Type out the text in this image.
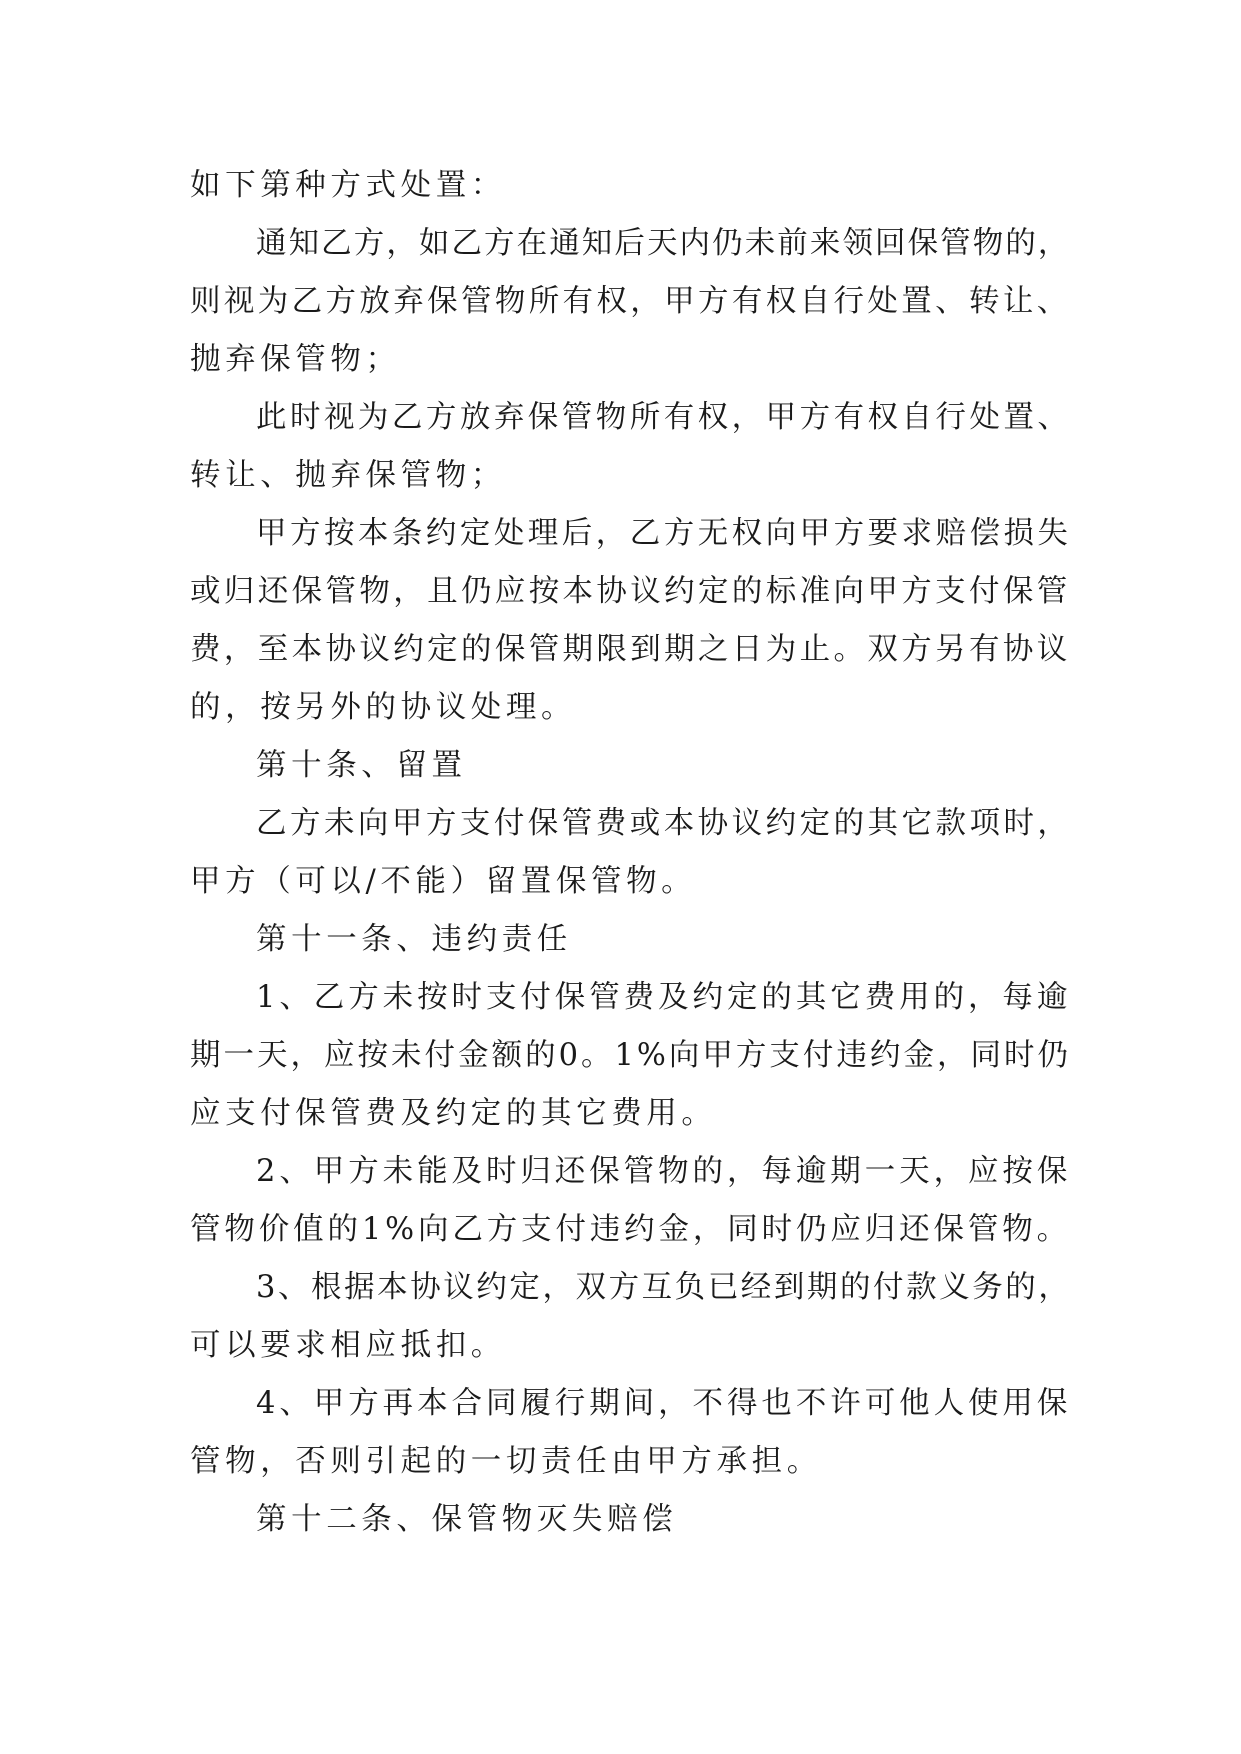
如下第种方式处置：

通知乙方，如乙方在通知后天内仍未前来领回保管物的，

则视为乙方放弃保管物所有权，甲方有权自行处置、转让、

抛弃保管物；

此时视为乙方放弃保管物所有权，甲方有权自行处置、

转让、抛弃保管物；

甲方按本条约定处理后，乙方无权向甲方要求赔偿损失

或归还保管物，且仍应按本协议约定的标准向甲方支付保管

费，至本协议约定的保管期限到期之日为止。双方另有协议

的，按另外的协议处理。

第十条、留置

乙方未向甲方支付保管费或本协议约定的其它款项时，

甲方（可以/不能）留置保管物。

第十一条、违约责任

1、乙方未按时支付保管费及约定的其它费用的，每逾

期一天，应按未付金额的0。1%向甲方支付违约金，同时仍

应支付保管费及约定的其它费用。

2、甲方未能及时归还保管物的，每逾期一天，应按保

管物价值的1%向乙方支付违约金，同时仍应归还保管物。

3、根据本协议约定，双方互负已经到期的付款义务的，

可以要求相应抵扣。

4、甲方再本合同履行期间，不得也不许可他人使用保

管物，否则引起的一切责任由甲方承担。

第十二条、保管物灭失赔偿
